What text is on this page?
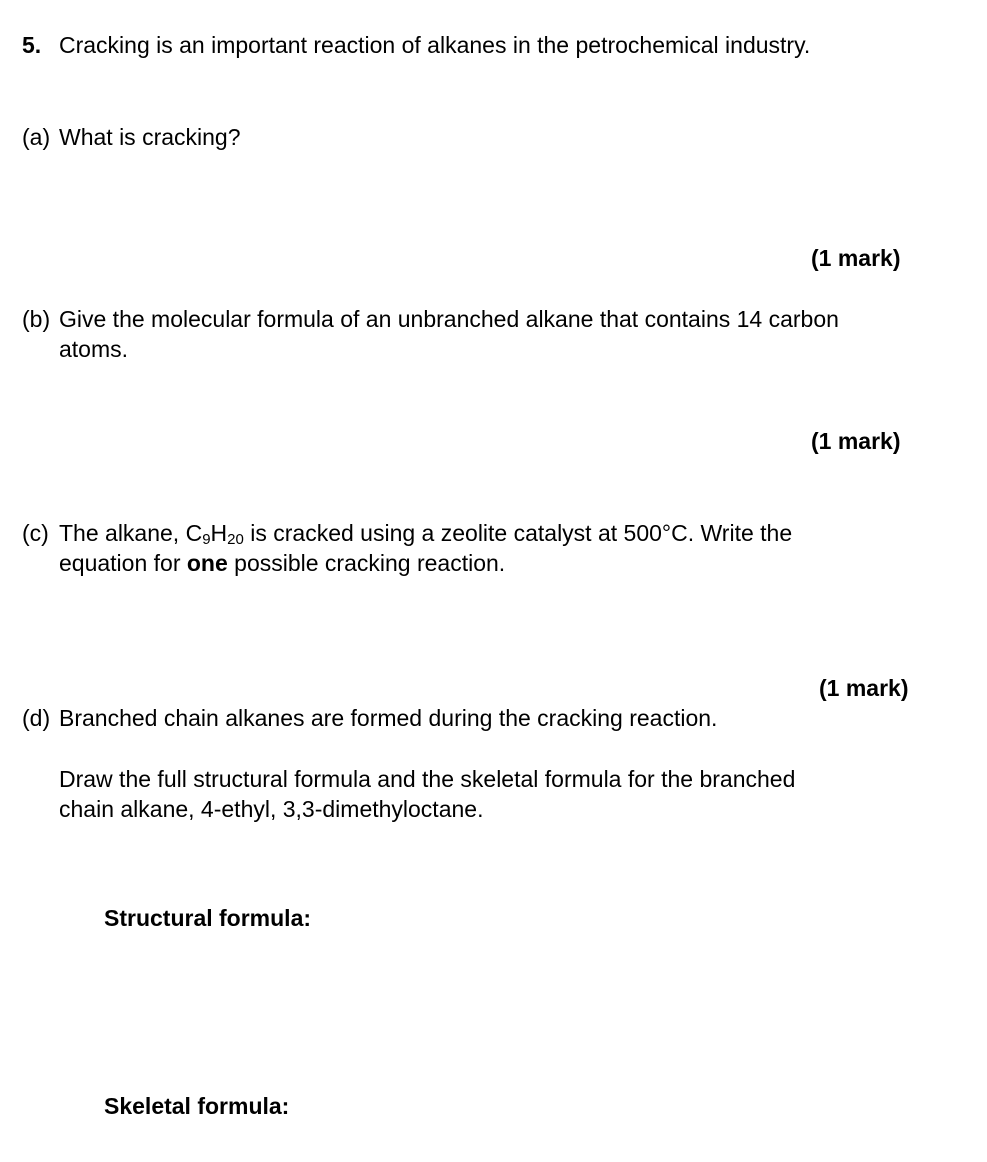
5. Cracking is an important reaction of alkanes in the petrochemical industry.
(a) What is cracking?
(1 mark)
(b) Give the molecular formula of an unbranched alkane that contains 14 carbon
atoms.
(1 mark)
(c) The alkane, $C_9H_{20}$ is cracked using a zeolite catalyst at 500°C. Write the
equation for one possible cracking reaction.
(1 mark)
(d) Branched chain alkanes are formed during the cracking reaction.
Draw the full structural formula and the skeletal formula for the branched
chain alkane, 4-ethyl, 3,3-dimethyloctane.
Structural formula:
Skeletal formula:
